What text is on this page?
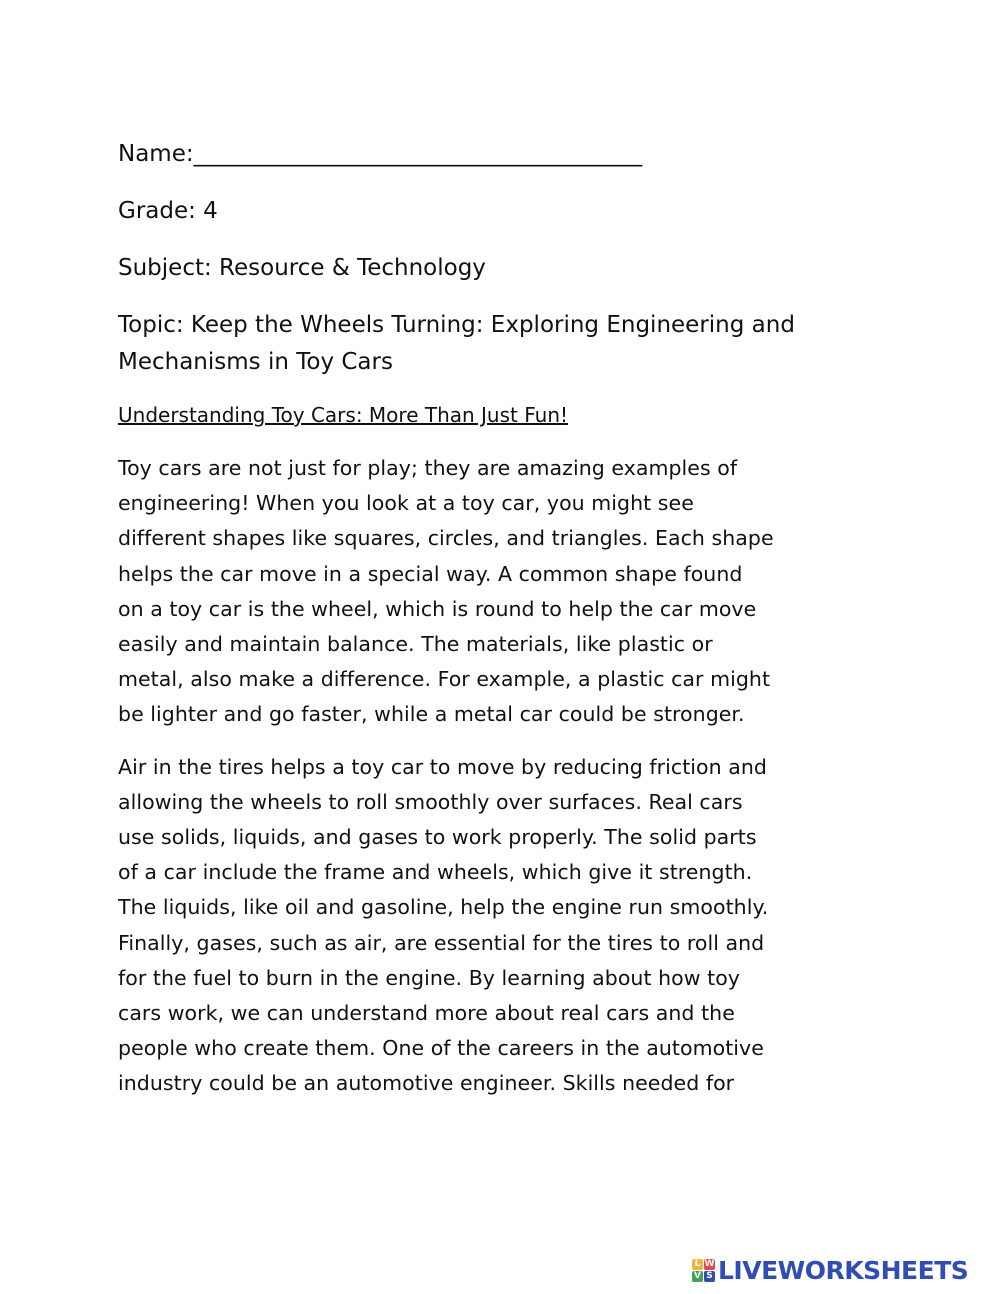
Name:_______________________________________

Grade: 4

Subject: Resource & Technology

Topic: Keep the Wheels Turning: Exploring Engineering and
Mechanisms in Toy Cars

Understanding Toy Cars: More Than Just Fun!

Toy cars are not just for play; they are amazing examples of
engineering! When you look at a toy car, you might see
different shapes like squares, circles, and triangles. Each shape
helps the car move in a special way. A common shape found
on a toy car is the wheel, which is round to help the car move
easily and maintain balance. The materials, like plastic or
metal, also make a difference. For example, a plastic car might
be lighter and go faster, while a metal car could be stronger.
Air in the tires helps a toy car to move by reducing friction and
allowing the wheels to roll smoothly over surfaces. Real cars
use solids, liquids, and gases to work properly. The solid parts
of a car include the frame and wheels, which give it strength.
The liquids, like oil and gasoline, help the engine run smoothly.
Finally, gases, such as air, are essential for the tires to roll and
for the fuel to burn in the engine. By learning about how toy
cars work, we can understand more about real cars and the
people who create them. One of the careers in the automotive
industry could be an automotive engineer. Skills needed for
L W
V S LIVEWORKSHEETS
